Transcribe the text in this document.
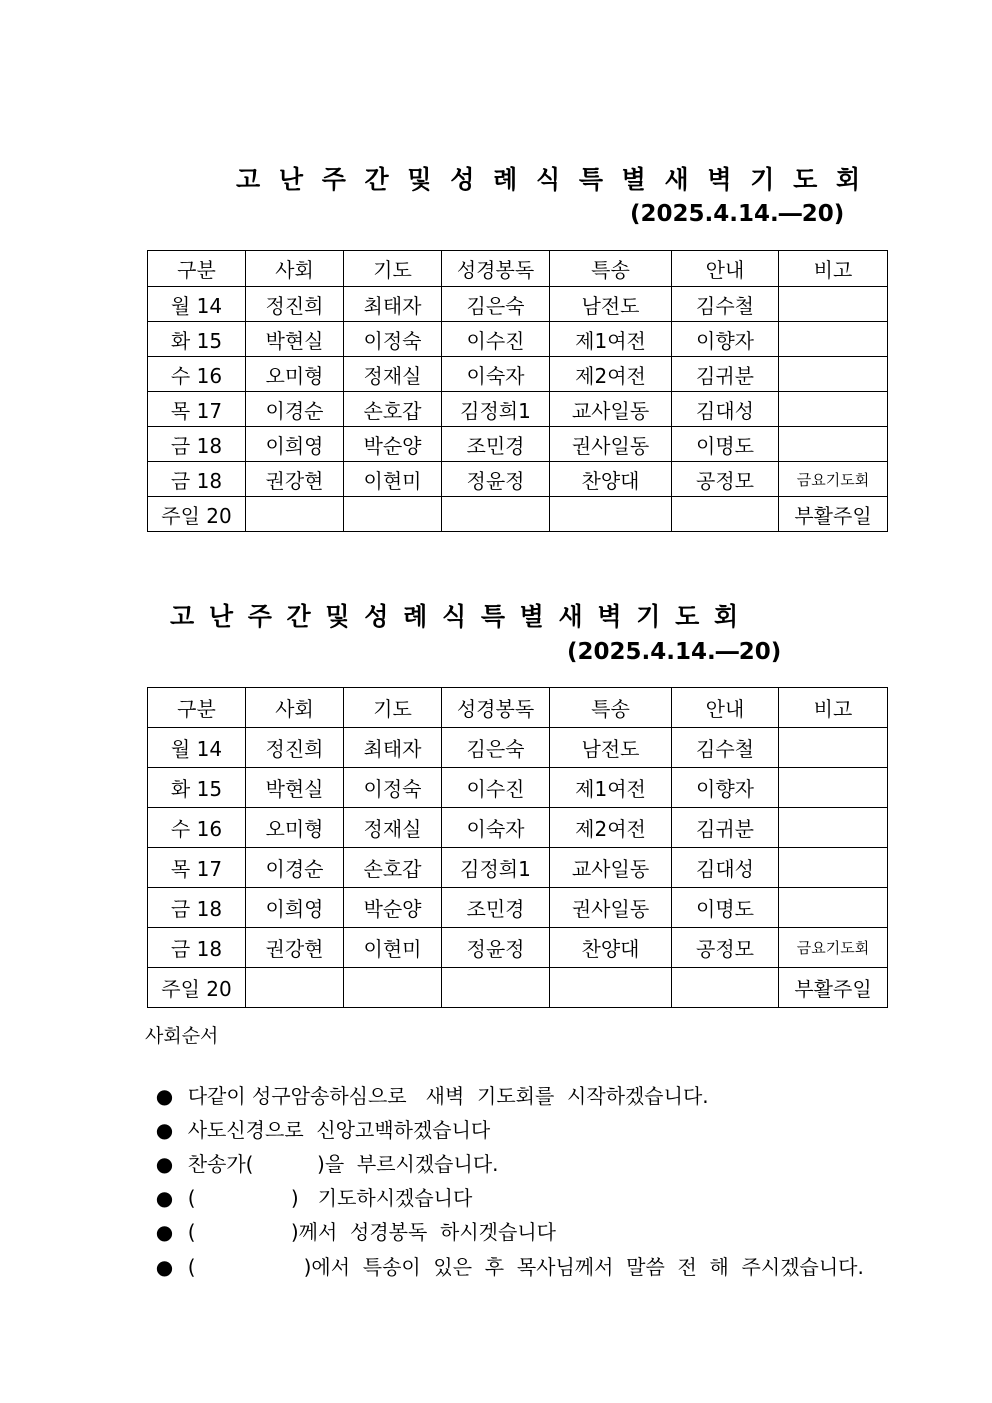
고 난 주 간 및 성 례 식 특 별 새 벽 기 도 회
(2025.4.14.―20)
구분	사회	기도	성경봉독	특송	안내	비고
월 14	정진희	최태자	김은숙	남전도	김수철	
화 15	박현실	이정숙	이수진	제1여전	이향자	
수 16	오미형	정재실	이숙자	제2여전	김귀분	
목 17	이경순	손호갑	김정희1	교사일동	김대성	
금 18	이희영	박순양	조민경	권사일동	이명도	
금 18	권강현	이현미	정윤정	찬양대	공정모	금요기도회
주일 20						부활주일
고 난 주 간 및 성 례 식 특 별 새 벽 기 도 회
(2025.4.14.―20)
구분	사회	기도	성경봉독	특송	안내	비고
월 14	정진희	최태자	김은숙	남전도	김수철	
화 15	박현실	이정숙	이수진	제1여전	이향자	
수 16	오미형	정재실	이숙자	제2여전	김귀분	
목 17	이경순	손호갑	김정희1	교사일동	김대성	
금 18	이희영	박순양	조민경	권사일동	이명도	
금 18	권강현	이현미	정윤정	찬양대	공정모	금요기도회
주일 20						부활주일
사회순서

● 다같이 성구암송하심으로   새벽  기도회를  시작하겠습니다.

● 사도신경으로  신앙고백하겠습니다

● 찬송가(          )을  부르시겠습니다.

● (               )   기도하시겠습니다

● (               )께서  성경봉독  하시겟습니다

● (                 )에서  특송이  있은  후  목사님께서  말씀  전  해  주시겠습니다.
